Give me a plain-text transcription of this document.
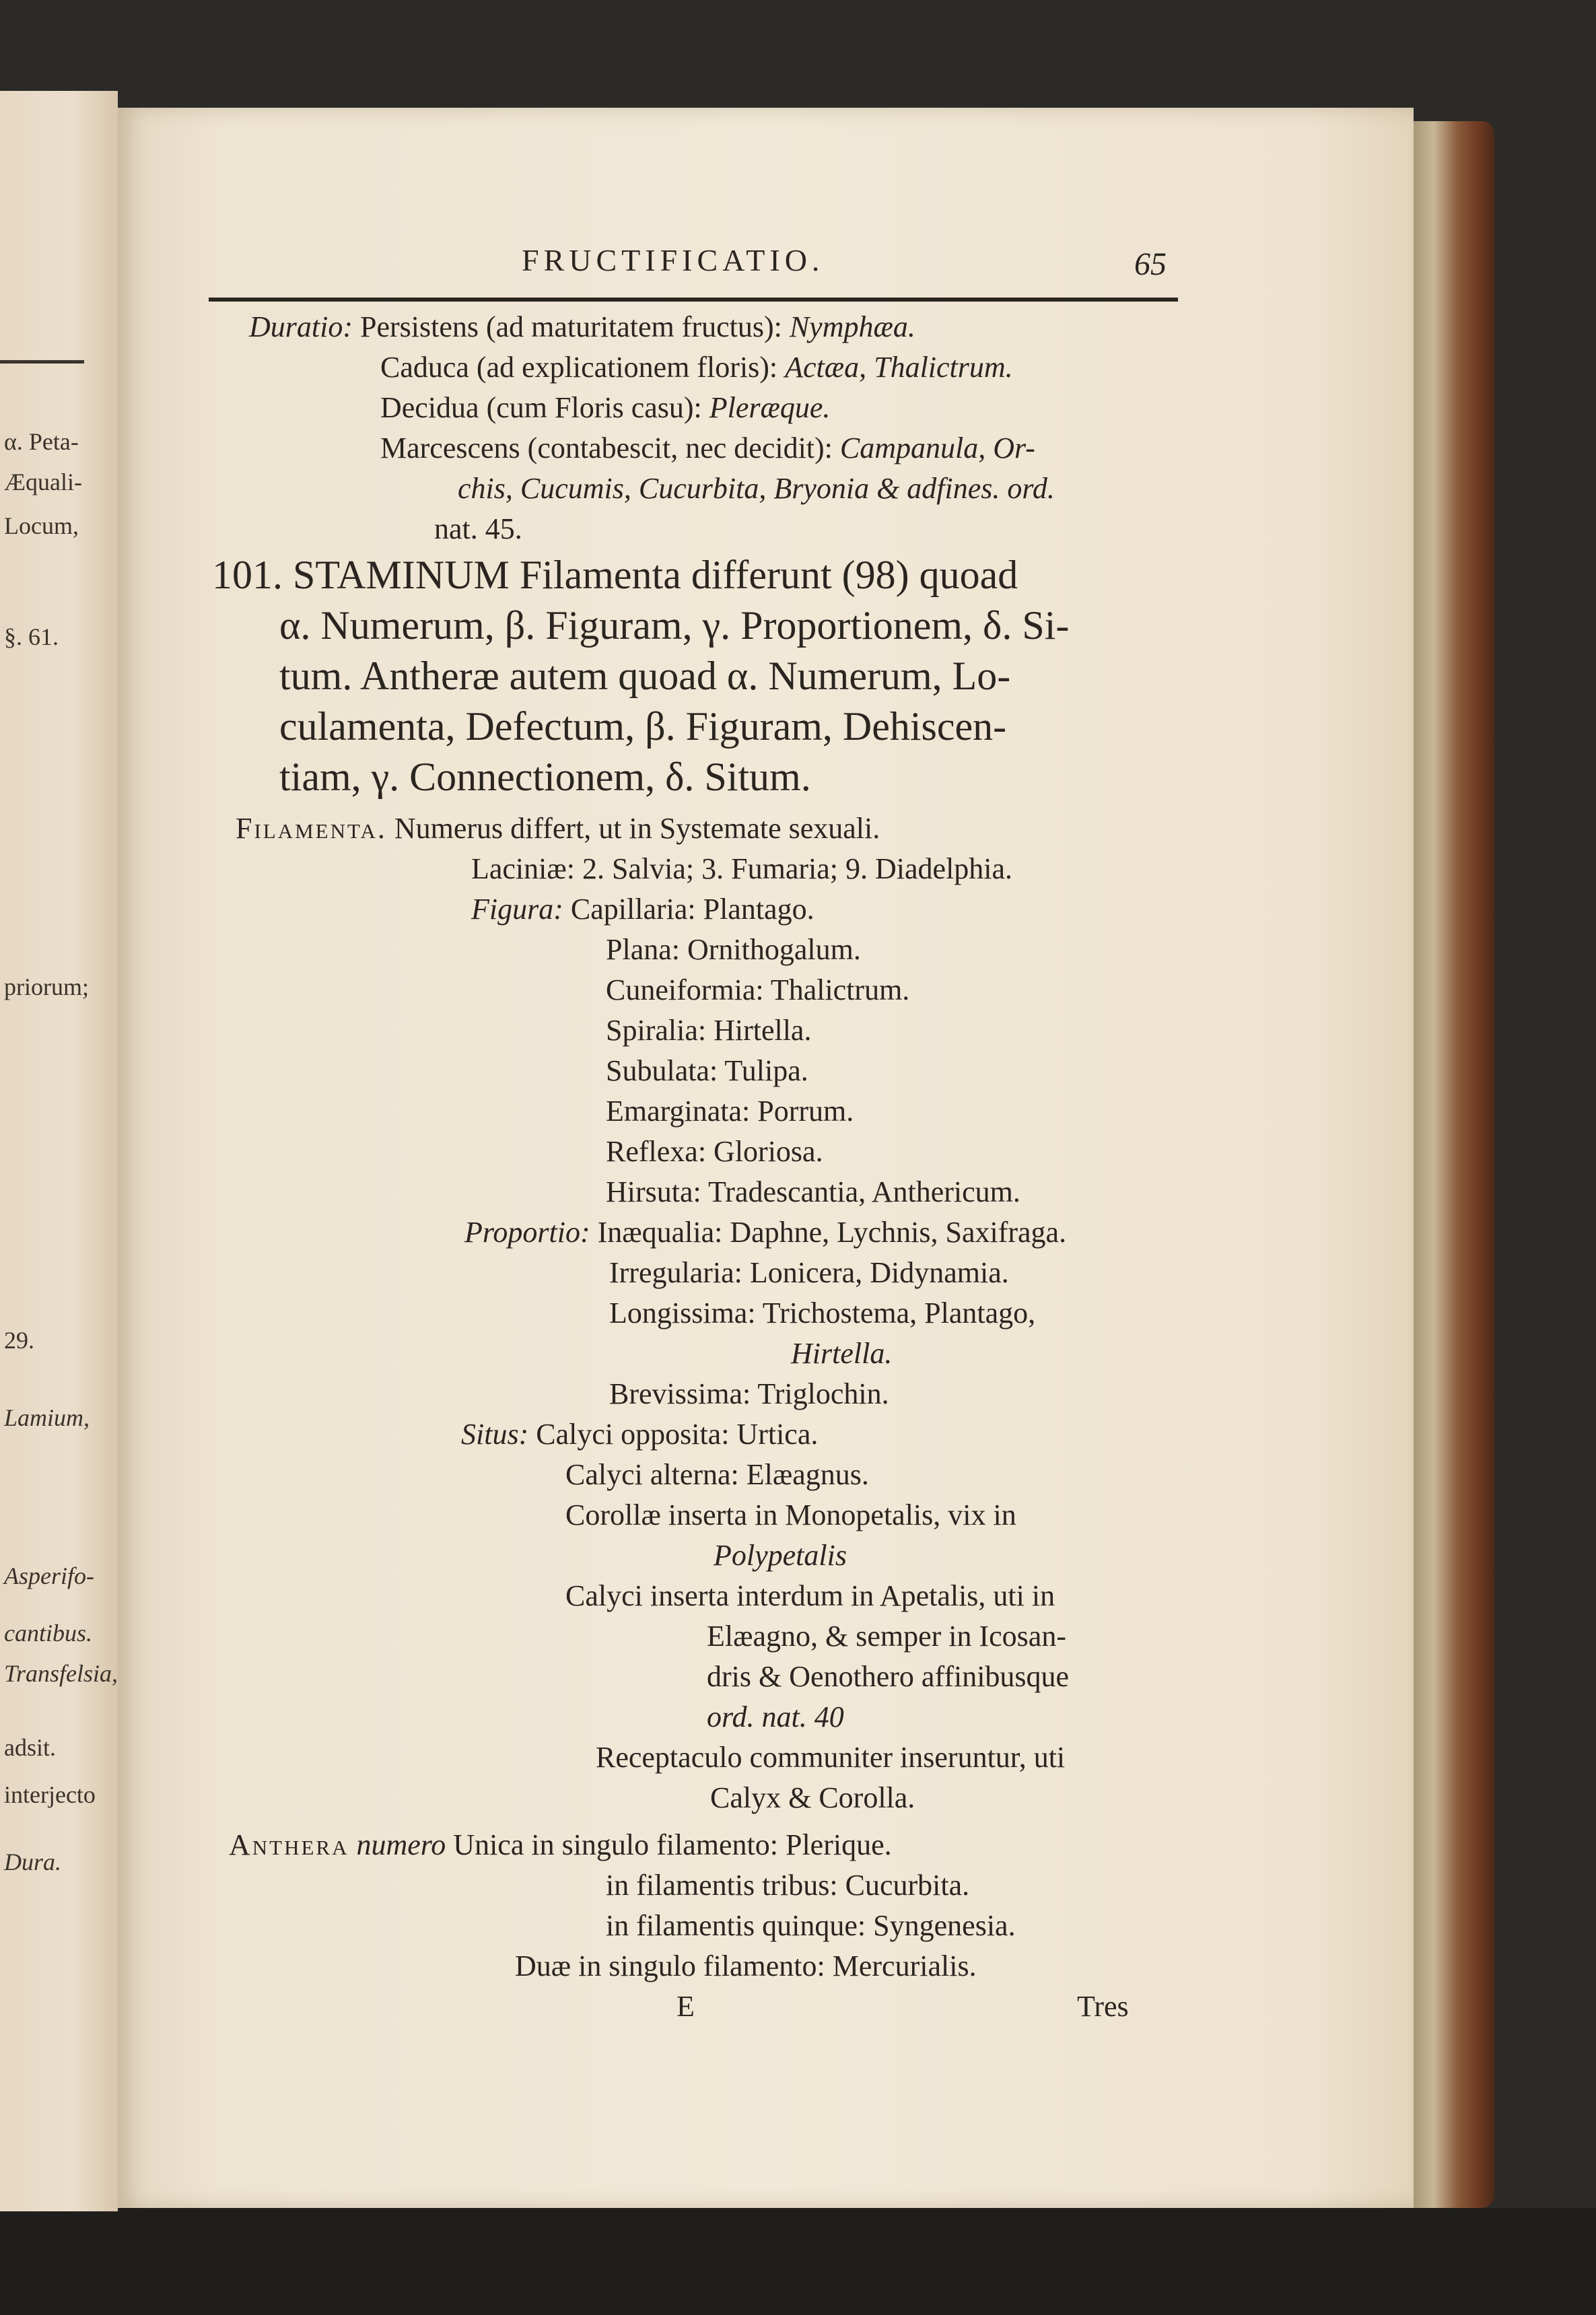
α. Peta-
Æquali-
Locum,
§. 61.
priorum;
29.
Lamium,
Asperifo-
cantibus.
Transfelsia,
adsit.
interjecto
Dura.
FRUCTIFICATIO.	65
Duratio: Persistens (ad maturitatem fructus): Nymphæa.
Caduca (ad explicationem floris): Actæa, Thalictrum.
Decidua (cum Floris casu): Pleræque.
Marcescens (contabescit, nec decidit): Campanula, Or-
chis, Cucumis, Cucurbita, Bryonia & adfines. ord.
nat. 45.
101. STAMINUM Filamenta differunt (98) quoad
α. Numerum, β. Figuram, γ. Proportionem, δ. Si-
tum. Antheræ autem quoad α. Numerum, Lo-
culamenta, Defectum, β. Figuram, Dehiscen-
tiam, γ. Connectionem, δ. Situm.
Filamenta. Numerus differt, ut in Systemate sexuali.
Laciniæ: 2. Salvia; 3. Fumaria; 9. Diadelphia.
Figura: Capillaria: Plantago.
Plana: Ornithogalum.
Cuneiformia: Thalictrum.
Spiralia: Hirtella.
Subulata: Tulipa.
Emarginata: Porrum.
Reflexa: Gloriosa.
Hirsuta: Tradescantia, Anthericum.
Proportio: Inæqualia: Daphne, Lychnis, Saxifraga.
Irregularia: Lonicera, Didynamia.
Longissima: Trichostema, Plantago,
Hirtella.
Brevissima: Triglochin.
Situs: Calyci opposita: Urtica.
Calyci alterna: Elæagnus.
Corollæ inserta in Monopetalis, vix in
Polypetalis
Calyci inserta interdum in Apetalis, uti in
Elæagno, & semper in Icosan-
dris & Oenothero affinibusque
ord. nat. 40
Receptaculo communiter inseruntur, uti
Calyx & Corolla.
Anthera numero Unica in singulo filamento: Plerique.
in filamentis tribus: Cucurbita.
in filamentis quinque: Syngenesia.
Duæ in singulo filamento: Mercurialis.
E	Tres
